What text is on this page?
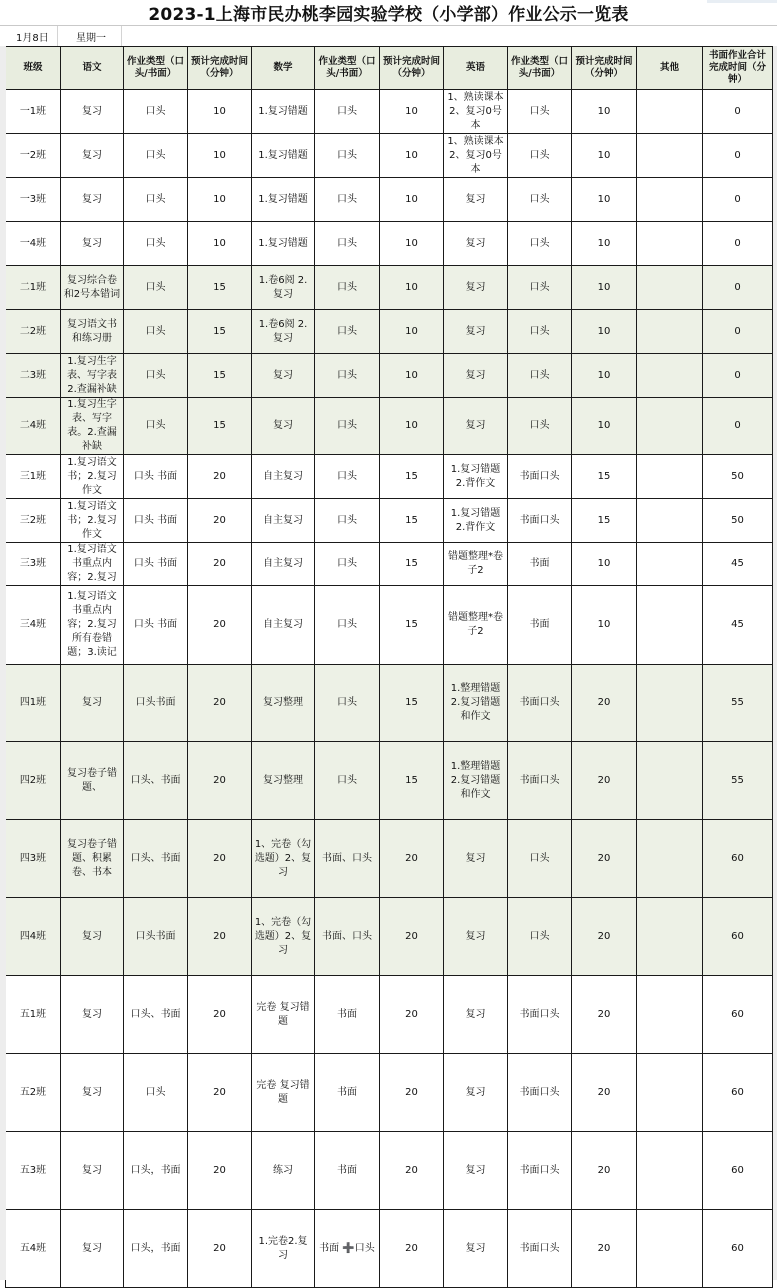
2023-1上海市民办桃李园实验学校（小学部）作业公示一览表
1月8日	星期一
班级	语文	作业类型（口头/书面）	预计完成时间（分钟）	数学	作业类型（口头/书面）	预计完成时间（分钟）	英语	作业类型（口头/书面）	预计完成时间（分钟）	其他	书面作业合计完成时间（分钟）
一1班	复习	口头	10	1.复习错题	口头	10	1、熟读课本 2、复习0号本	口头	10		0
一2班	复习	口头	10	1.复习错题	口头	10	1、熟读课本 2、复习0号本	口头	10		0
一3班	复习	口头	10	1.复习错题	口头	10	复习	口头	10		0
一4班	复习	口头	10	1.复习错题	口头	10	复习	口头	10		0
二1班	复习综合卷和2号本错词	口头	15	1.卷6阅 2.复习	口头	10	复习	口头	10		0
二2班	复习语文书和练习册	口头	15	1.卷6阅 2.复习	口头	10	复习	口头	10		0
二3班	1.复习生字表、写字表 2.查漏补缺	口头	15	复习	口头	10	复习	口头	10		0
二4班	1.复习生字表、写字表。2.查漏补缺	口头	15	复习	口头	10	复习	口头	10		0
三1班	1.复习语文书；2.复习作文	口头 书面	20	自主复习	口头	15	1.复习错题 2.背作文	书面口头	15		50
三2班	1.复习语文书；2.复习作文	口头 书面	20	自主复习	口头	15	1.复习错题 2.背作文	书面口头	15		50
三3班	1.复习语文书重点内容；2.复习	口头 书面	20	自主复习	口头	15	错题整理*卷子2	书面	10		45
三4班	1.复习语文书重点内容；2.复习所有卷错题；3.读记	口头 书面	20	自主复习	口头	15	错题整理*卷子2	书面	10		45
四1班	复习	口头书面	20	复习整理	口头	15	1.整理错题 2.复习错题和作文	书面口头	20		55
四2班	复习卷子错题、	口头、书面	20	复习整理	口头	15	1.整理错题 2.复习错题和作文	书面口头	20		55
四3班	复习卷子错题、积累卷、书本	口头、书面	20	1、完卷（勾选题）2、复习	书面、口头	20	复习	口头	20		60
四4班	复习	口头书面	20	1、完卷（勾选题）2、复习	书面、口头	20	复习	口头	20		60
五1班	复习	口头、书面	20	完卷 复习错题	书面	20	复习	书面口头	20		60
五2班	复习	口头	20	完卷 复习错题	书面	20	复习	书面口头	20		60
五3班	复习	口头，书面	20	练习	书面	20	复习	书面口头	20		60
五4班	复习	口头，书面	20	1.完卷2.复习	书面 ➕口头	20	复习	书面口头	20		60
